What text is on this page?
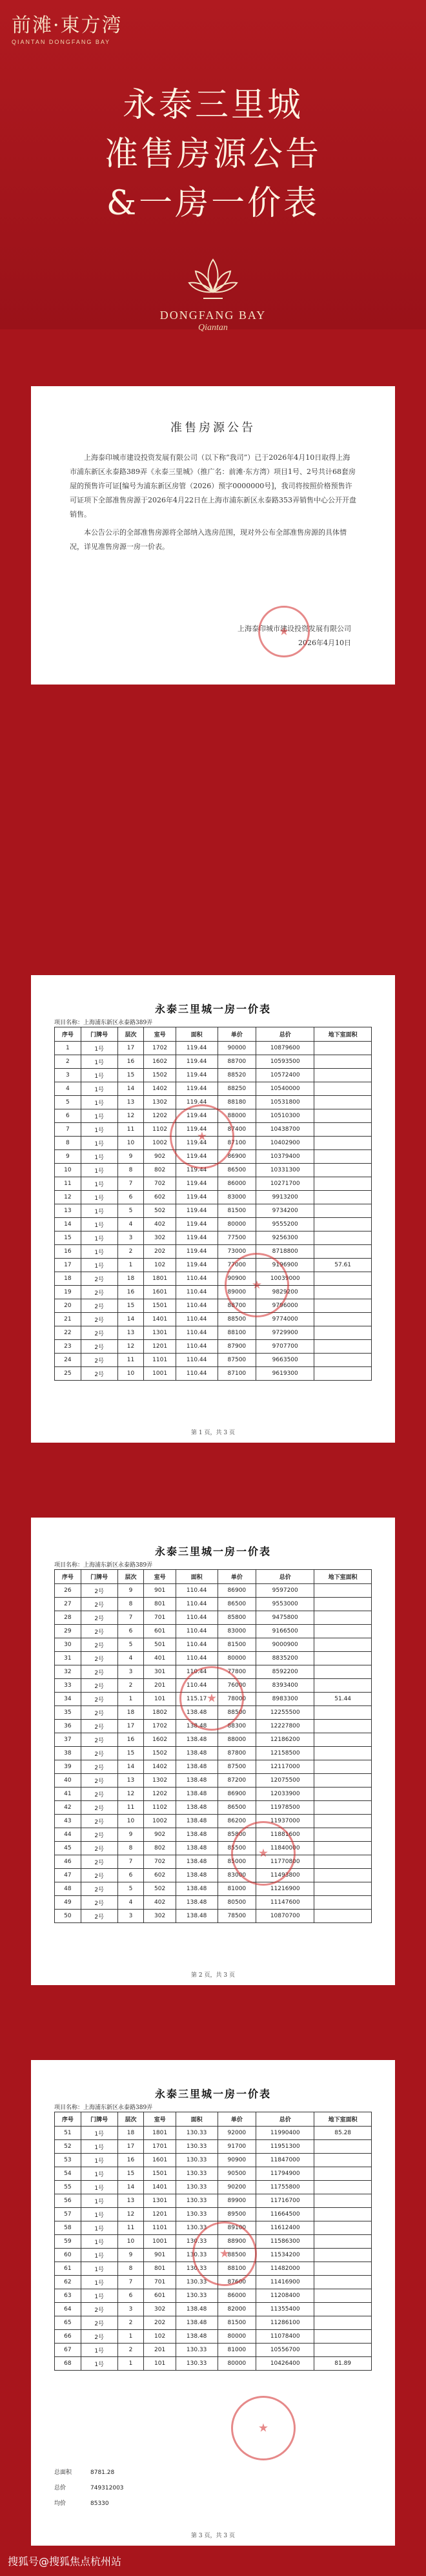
前滩·東方湾
QIANTAN DONGFANG BAY
永泰三里城
准售房源公告
&一房一价表
DONGFANG BAY
Qiantan
准售房源公告

上海泰印城市建设投资发展有限公司（以下称“我司”）已于2026年4月10日取得上海市浦东新区永泰路389弄《永泰三里城》（推广名：前滩·东方湾）项目1号、2号共计68套房屋的预售许可证[编号为浦东新区房管（2026）预字0000000号]，我司将按照价格预售许可证项下全部准售房源于2026年4月22日在上海市浦东新区永泰路353弄销售中心公开开盘销售。

本公告公示的全部准售房源将全部纳入选房范围，现对外公布全部准售房源的具体情况，详见准售房源一房一价表。

上海泰印城市建设投资发展有限公司
2026年4月10日
★
永泰三里城一房一价表
项目名称：上海浦东新区永泰路389弄
序号	门牌号	层次	室号	面积	单价	总价	地下室面积
1	1号	17	1702	119.44	90000	10879600	
2	1号	16	1602	119.44	88700	10593500	
3	1号	15	1502	119.44	88520	10572400	
4	1号	14	1402	119.44	88250	10540000	
5	1号	13	1302	119.44	88180	10531800	
6	1号	12	1202	119.44	88000	10510300	
7	1号	11	1102	119.44	87400	10438700	
8	1号	10	1002	119.44	87100	10402900	
9	1号	9	902	119.44	86900	10379400	
10	1号	8	802	119.44	86500	10331300	
11	1号	7	702	119.44	86000	10271700	
12	1号	6	602	119.44	83000	9913200	
13	1号	5	502	119.44	81500	9734200	
14	1号	4	402	119.44	80000	9555200	
15	1号	3	302	119.44	77500	9256300	
16	1号	2	202	119.44	73000	8718800	
17	1号	1	102	119.44	77000	9196900	57.61
18	2号	18	1801	110.44	90900	10039000	
19	2号	16	1601	110.44	89000	9829200	
20	2号	15	1501	110.44	88700	9796000	
21	2号	14	1401	110.44	88500	9774000	
22	2号	13	1301	110.44	88100	9729900	
23	2号	12	1201	110.44	87900	9707700	
24	2号	11	1101	110.44	87500	9663500	
25	2号	10	1001	110.44	87100	9619300	
★
★
第 1 页，共 3 页
永泰三里城一房一价表
项目名称：上海浦东新区永泰路389弄
序号	门牌号	层次	室号	面积	单价	总价	地下室面积
26	2号	9	901	110.44	86900	9597200	
27	2号	8	801	110.44	86500	9553000	
28	2号	7	701	110.44	85800	9475800	
29	2号	6	601	110.44	83000	9166500	
30	2号	5	501	110.44	81500	9000900	
31	2号	4	401	110.44	80000	8835200	
32	2号	3	301	110.44	77800	8592200	
33	2号	2	201	110.44	76000	8393400	
34	2号	1	101	115.17	78000	8983300	51.44
35	2号	18	1802	138.48	88500	12255500	
36	2号	17	1702	138.48	88300	12227800	
37	2号	16	1602	138.48	88000	12186200	
38	2号	15	1502	138.48	87800	12158500	
39	2号	14	1402	138.48	87500	12117000	
40	2号	13	1302	138.48	87200	12075500	
41	2号	12	1202	138.48	86900	12033900	
42	2号	11	1102	138.48	86500	11978500	
43	2号	10	1002	138.48	86200	11937000	
44	2号	9	902	138.48	85800	11881600	
45	2号	8	802	138.48	85500	11840000	
46	2号	7	702	138.48	85000	11770800	
47	2号	6	602	138.48	83000	11493800	
48	2号	5	502	138.48	81000	11216900	
49	2号	4	402	138.48	80500	11147600	
50	2号	3	302	138.48	78500	10870700	
★
★
第 2 页，共 3 页
永泰三里城一房一价表
项目名称：上海浦东新区永泰路389弄
序号	门牌号	层次	室号	面积	单价	总价	地下室面积
51	1号	18	1801	130.33	92000	11990400	85.28
52	1号	17	1701	130.33	91700	11951300	
53	1号	16	1601	130.33	90900	11847000	
54	1号	15	1501	130.33	90500	11794900	
55	1号	14	1401	130.33	90200	11755800	
56	1号	13	1301	130.33	89900	11716700	
57	1号	12	1201	130.33	89500	11664500	
58	1号	11	1101	130.33	89100	11612400	
59	1号	10	1001	130.33	88900	11586300	
60	1号	9	901	130.33	88500	11534200	
61	1号	8	801	130.33	88100	11482000	
62	1号	7	701	130.33	87600	11416900	
63	1号	6	601	130.33	86000	11208400	
64	2号	3	302	138.48	82000	11355400	
65	2号	2	202	138.48	81500	11286100	
66	2号	1	102	138.48	80000	11078400	
67	1号	2	201	130.33	81000	10556700	
68	1号	1	101	130.33	80000	10426400	81.89
总面积	8781.28
总价	749312003
均价	85330
★
★
第 3 页，共 3 页
搜狐号@搜狐焦点杭州站
